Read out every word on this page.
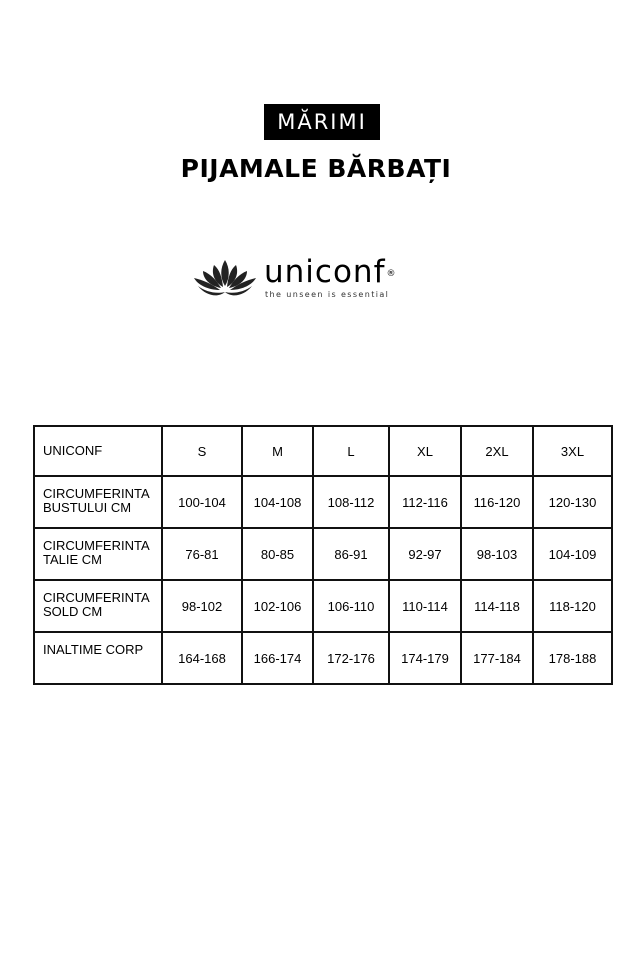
MĂRIMI
PIJAMALE BĂRBAȚI
uniconf®
the unseen is essential
UNICONF	S	M	L	XL	2XL	3XL
CIRCUMFERINTA BUSTULUI CM	100-104	104-108	108-112	112-116	116-120	120-130
CIRCUMFERINTA TALIE CM	76-81	80-85	86-91	92-97	98-103	104-109
CIRCUMFERINTA SOLD CM	98-102	102-106	106-110	110-114	114-118	118-120
INALTIME CORP	164-168	166-174	172-176	174-179	177-184	178-188
